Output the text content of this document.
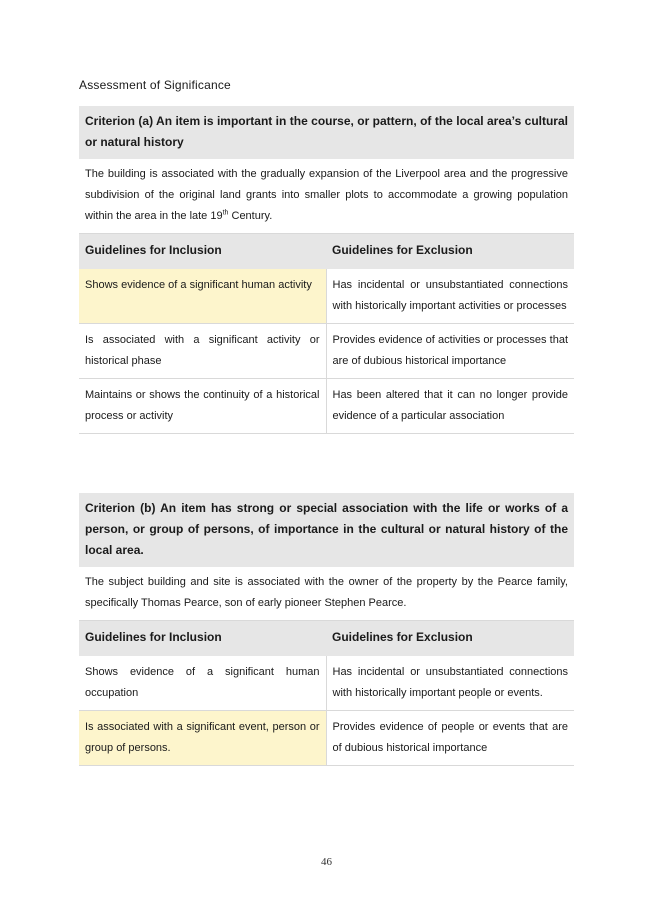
Assessment of Significance
Criterion (a) An item is important in the course, or pattern, of the local area’s cultural or natural history
The building is associated with the gradually expansion of the Liverpool area and the progressive subdivision of the original land grants into smaller plots to accommodate a growing population within the area in the late 19th Century.
Guidelines for Inclusion	Guidelines for Exclusion
Shows evidence of a significant human activity	Has incidental or unsubstantiated connections with historically important activities or processes
Is associated with a significant activity or historical phase	Provides evidence of activities or processes that are of dubious historical importance
Maintains or shows the continuity of a historical process or activity	Has been altered that it can no longer provide evidence of a particular association
Criterion (b) An item has strong or special association with the life or works of a person, or group of persons, of importance in the cultural or natural history of the local area.
The subject building and site is associated with the owner of the property by the Pearce family, specifically Thomas Pearce, son of early pioneer Stephen Pearce.
Guidelines for Inclusion	Guidelines for Exclusion
Shows evidence of a significant human occupation	Has incidental or unsubstantiated connections with historically important people or events.
Is associated with a significant event, person or group of persons.	Provides evidence of people or events that are of dubious historical importance
46
